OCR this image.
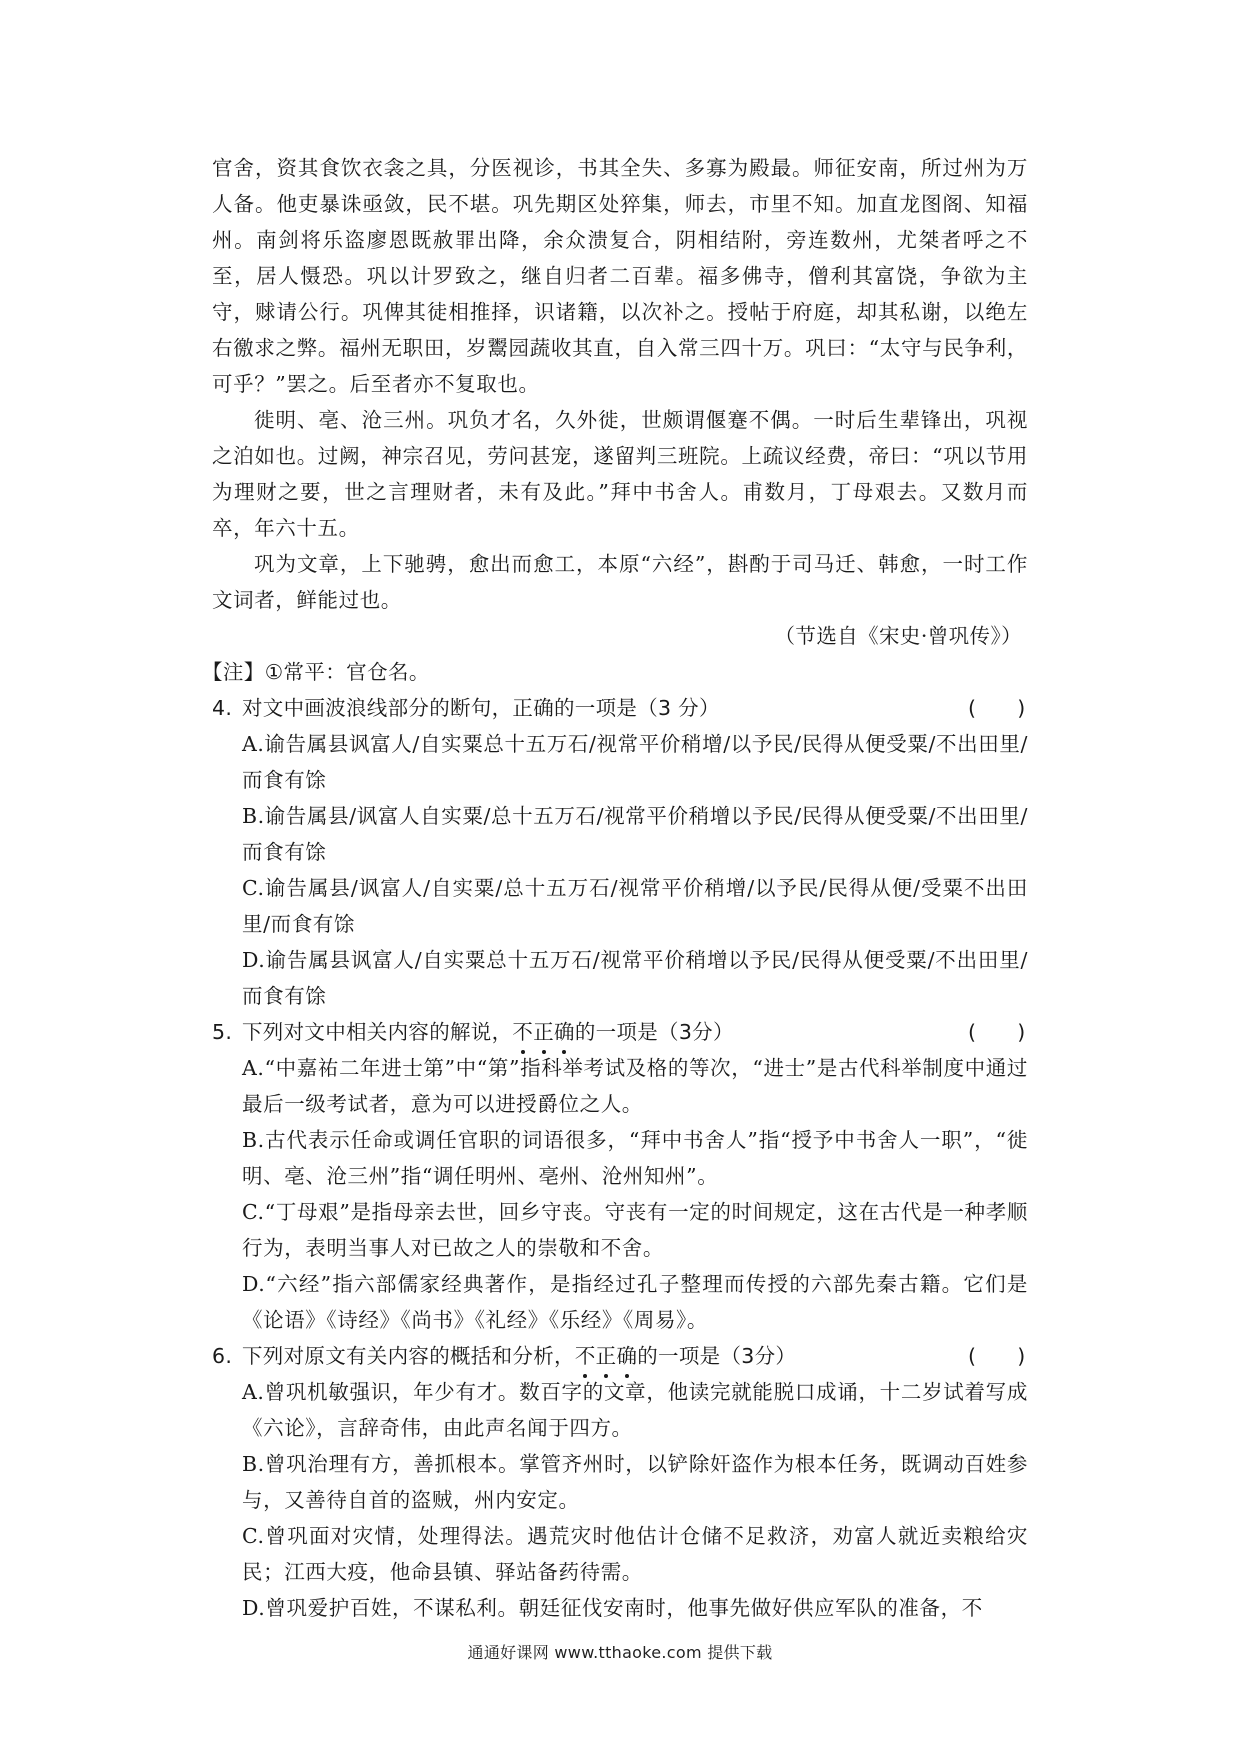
官舍，资其食饮衣衾之具，分医视诊，书其全失、多寡为殿最。师征安南，所过州为万人备。他吏暴诛亟敛，民不堪。巩先期区处猝集，师去，市里不知。加直龙图阁、知福州。南剑将乐盗廖恩既赦罪出降，余众溃复合，阴相结附，旁连数州，尤桀者呼之不至，居人慑恐。巩以计罗致之，继自归者二百辈。福多佛寺，僧利其富饶，争欲为主守，赇请公行。巩俾其徒相推择，识诸籍，以次补之。授帖于府庭，却其私谢，以绝左右徼求之弊。福州无职田，岁鬻园蔬收其直，自入常三四十万。巩曰：“太守与民争利，可乎？”罢之。后至者亦不复取也。

徙明、亳、沧三州。巩负才名，久外徙，世颇谓偃蹇不偶。一时后生辈锋出，巩视之泊如也。过阙，神宗召见，劳问甚宠，遂留判三班院。上疏议经费，帝曰：“巩以节用为理财之要，世之言理财者，未有及此。”拜中书舍人。甫数月，丁母艰去。又数月而卒，年六十五。

巩为文章，上下驰骋，愈出而愈工，本原“六经”，斟酌于司马迁、韩愈，一时工作文词者，鲜能过也。

（节选自《宋史·曾巩传》）

【注】①常平：官仓名。

4. 对文中画波浪线部分的断句，正确的一项是（3 分）	(      )

A.谕告属县讽富人/自实粟总十五万石/视常平价稍增/以予民/民得从便受粟/不出田里/而食有馀

B.谕告属县/讽富人自实粟/总十五万石/视常平价稍增以予民/民得从便受粟/不出田里/而食有馀

C.谕告属县/讽富人/自实粟/总十五万石/视常平价稍增/以予民/民得从便/受粟不出田里/而食有馀

D.谕告属县讽富人/自实粟总十五万石/视常平价稍增以予民/民得从便受粟/不出田里/而食有馀

5. 下列对文中相关内容的解说，不正确的一项是（3分）	(      )

A.“中嘉祐二年进士第”中“第”指科举考试及格的等次，“进士”是古代科举制度中通过最后一级考试者，意为可以进授爵位之人。

B.古代表示任命或调任官职的词语很多，“拜中书舍人”指“授予中书舍人一职”，“徙明、亳、沧三州”指“调任明州、亳州、沧州知州”。

C.“丁母艰”是指母亲去世，回乡守丧。守丧有一定的时间规定，这在古代是一种孝顺行为，表明当事人对已故之人的崇敬和不舍。

D.“六经”指六部儒家经典著作，是指经过孔子整理而传授的六部先秦古籍。它们是《论语》《诗经》《尚书》《礼经》《乐经》《周易》。

6. 下列对原文有关内容的概括和分析，不正确的一项是（3分）	(      )

A.曾巩机敏强识，年少有才。数百字的文章，他读完就能脱口成诵，十二岁试着写成《六论》，言辞奇伟，由此声名闻于四方。

B.曾巩治理有方，善抓根本。掌管齐州时，以铲除奸盗作为根本任务，既调动百姓参与，又善待自首的盗贼，州内安定。

C.曾巩面对灾情，处理得法。遇荒灾时他估计仓储不足救济，劝富人就近卖粮给灾民；江西大疫，他命县镇、驿站备药待需。

D.曾巩爱护百姓，不谋私利。朝廷征伐安南时，他事先做好供应军队的准备，不

通通好课网 www.tthaoke.com 提供下载
